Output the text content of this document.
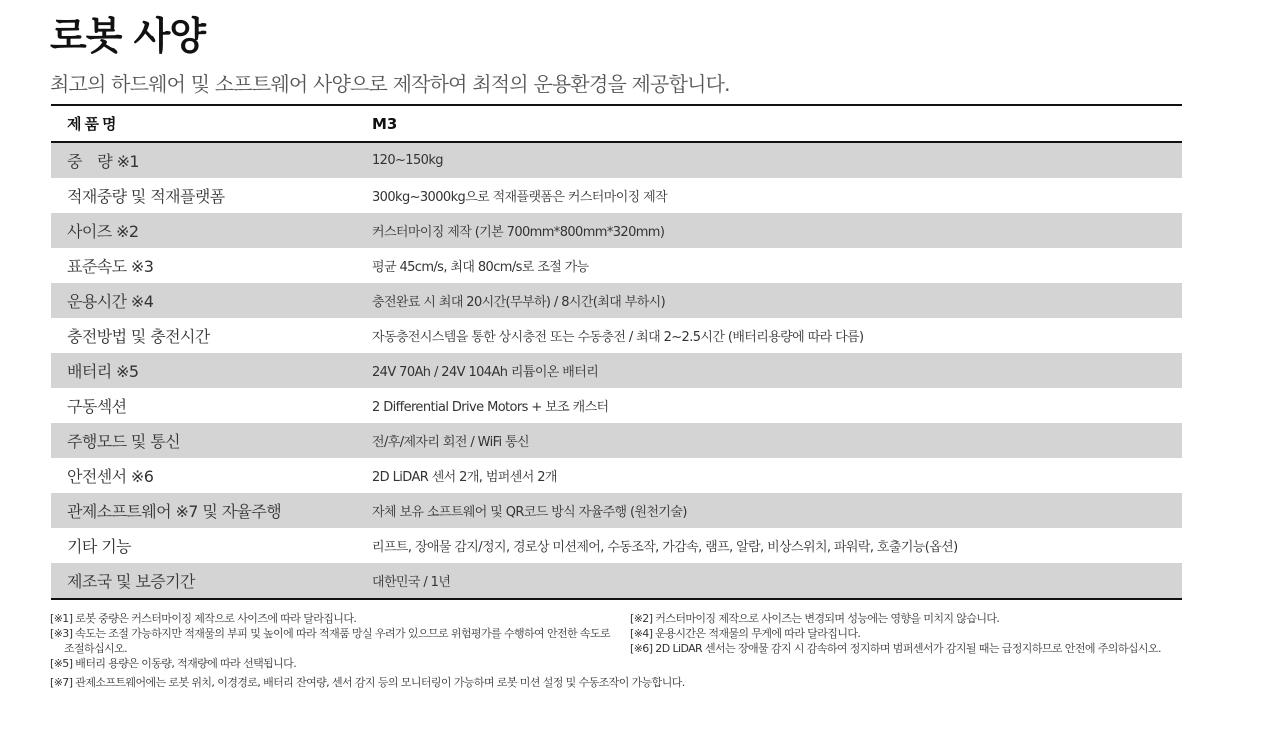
로봇 사양

최고의 하드웨어 및 소프트웨어 사양으로 제작하여 최적의 운용환경을 제공합니다.

제품명	M3
중　량 ※1	120~150kg
적재중량 및 적재플랫폼	300kg~3000kg으로 적재플랫폼은 커스터마이징 제작
사이즈 ※2	커스터마이징 제작 (기본 700mm*800mm*320mm)
표준속도 ※3	평균 45cm/s, 최대 80cm/s로 조절 가능
운용시간 ※4	충전완료 시 최대 20시간(무부하) / 8시간(최대 부하시)
충전방법 및 충전시간	자동충전시스템을 통한 상시충전 또는 수동충전 / 최대 2~2.5시간 (배터리용량에 따라 다름)
배터리 ※5	24V 70Ah / 24V 104Ah 리튬이온 배터리
구동섹션	2 Differential Drive Motors + 보조 캐스터
주행모드 및 통신	전/후/제자리 회전 / WiFi 통신
안전센서 ※6	2D LiDAR 센서 2개, 범퍼센서 2개
관제소프트웨어 ※7 및 자율주행	자체 보유 소프트웨어 및 QR코드 방식 자율주행 (원천기술)
기타 기능	리프트, 장애물 감지/정지, 경로상 미션제어, 수동조작, 가감속, 램프, 알람, 비상스위치, 파워락, 호출기능(옵션)
제조국 및 보증기간	대한민국 / 1년

[※1] 로봇 중량은 커스터마이징 제작으로 사이즈에 따라 달라집니다.

[※3] 속도는 조절 가능하지만 적재물의 부피 및 높이에 따라 적재품 망실 우려가 있으므로 위험평가를 수행하여 안전한 속도로 조절하십시오.

[※5] 배터리 용량은 이동량, 적재량에 따라 선택됩니다.

[※2] 커스터마이징 제작으로 사이즈는 변경되며 성능에는 영향을 미치지 않습니다.

[※4] 운용시간은 적재물의 무게에 따라 달라집니다.

[※6] 2D LiDAR 센서는 장애물 감지 시 감속하여 정지하며 범퍼센서가 감지될 때는 급정지하므로 안전에 주의하십시오.

[※7] 관제소프트웨어에는 로봇 위치, 이경경로, 배터리 잔여량, 센서 감지 등의 모니터링이 가능하며 로봇 미션 설정 및 수동조작이 가능합니다.
